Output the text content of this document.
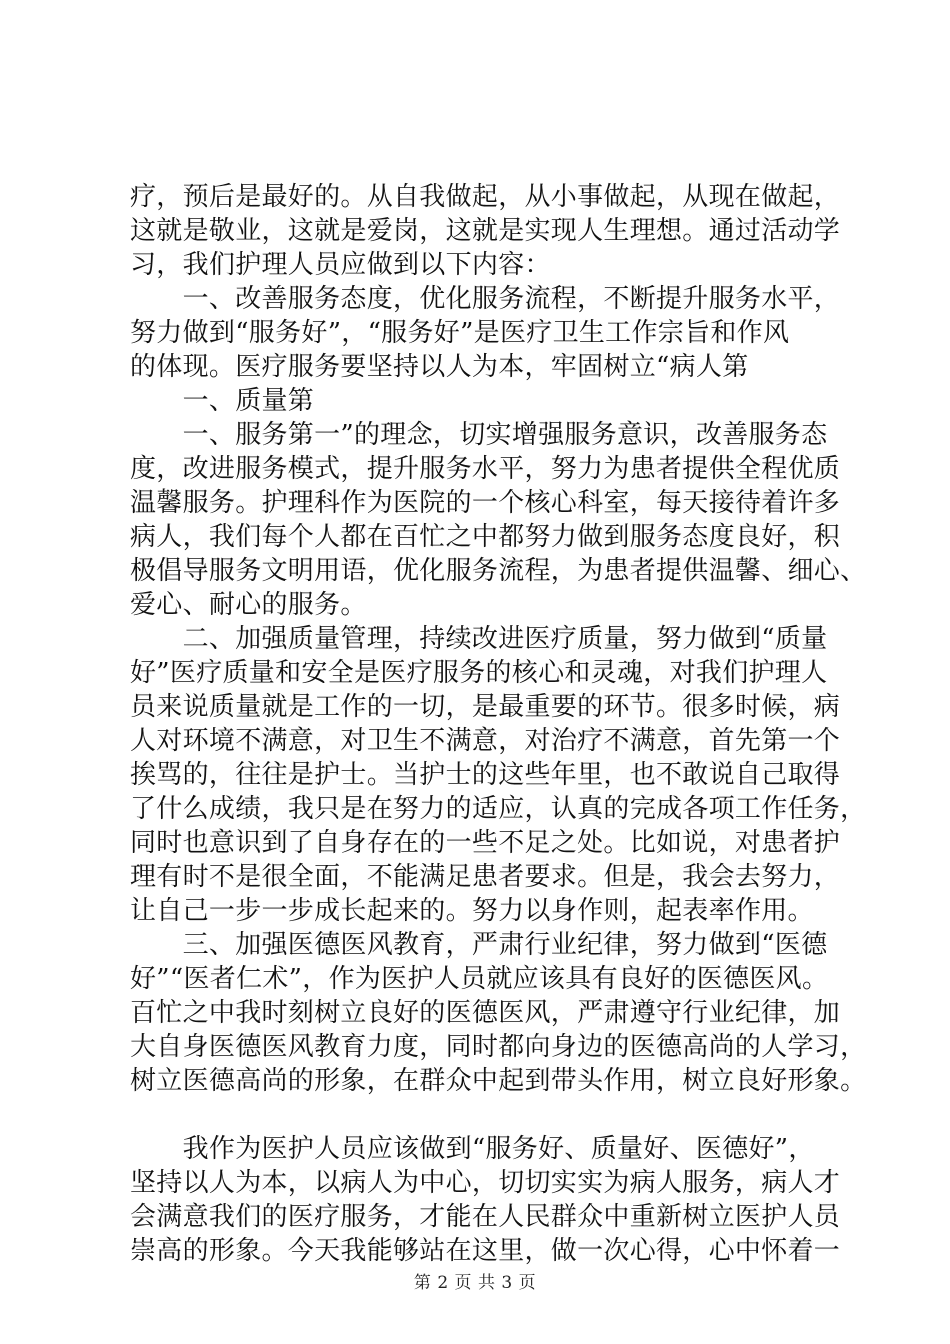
疗，预后是最好的。从自我做起，从小事做起，从现在做起，
这就是敬业，这就是爱岗，这就是实现人生理想。通过活动学
习，我们护理人员应做到以下内容：
　　一、改善服务态度，优化服务流程，不断提升服务水平，
努力做到“服务好”，“服务好”是医疗卫生工作宗旨和作风
的体现。医疗服务要坚持以人为本，牢固树立“病人第
　　一、质量第
　　一、服务第一”的理念，切实增强服务意识，改善服务态
度，改进服务模式，提升服务水平，努力为患者提供全程优质
温馨服务。护理科作为医院的一个核心科室，每天接待着许多
病人，我们每个人都在百忙之中都努力做到服务态度良好，积
极倡导服务文明用语，优化服务流程，为患者提供温馨、细心、
爱心、耐心的服务。
　　二、加强质量管理，持续改进医疗质量，努力做到“质量
好”医疗质量和安全是医疗服务的核心和灵魂，对我们护理人
员来说质量就是工作的一切，是最重要的环节。很多时候，病
人对环境不满意，对卫生不满意，对治疗不满意，首先第一个
挨骂的，往往是护士。当护士的这些年里，也不敢说自己取得
了什么成绩，我只是在努力的适应，认真的完成各项工作任务，
同时也意识到了自身存在的一些不足之处。比如说，对患者护
理有时不是很全面，不能满足患者要求。但是，我会去努力，
让自己一步一步成长起来的。努力以身作则，起表率作用。
　　三、加强医德医风教育，严肃行业纪律，努力做到“医德
好”“医者仁术”，作为医护人员就应该具有良好的医德医风。
百忙之中我时刻树立良好的医德医风，严肃遵守行业纪律，加
大自身医德医风教育力度，同时都向身边的医德高尚的人学习，
树立医德高尚的形象，在群众中起到带头作用，树立良好形象。
　　我作为医护人员应该做到“服务好、质量好、医德好”，
坚持以人为本，以病人为中心，切切实实为病人服务，病人才
会满意我们的医疗服务，才能在人民群众中重新树立医护人员
崇高的形象。今天我能够站在这里，做一次心得，心中怀着一
第 2 页 共 3 页
